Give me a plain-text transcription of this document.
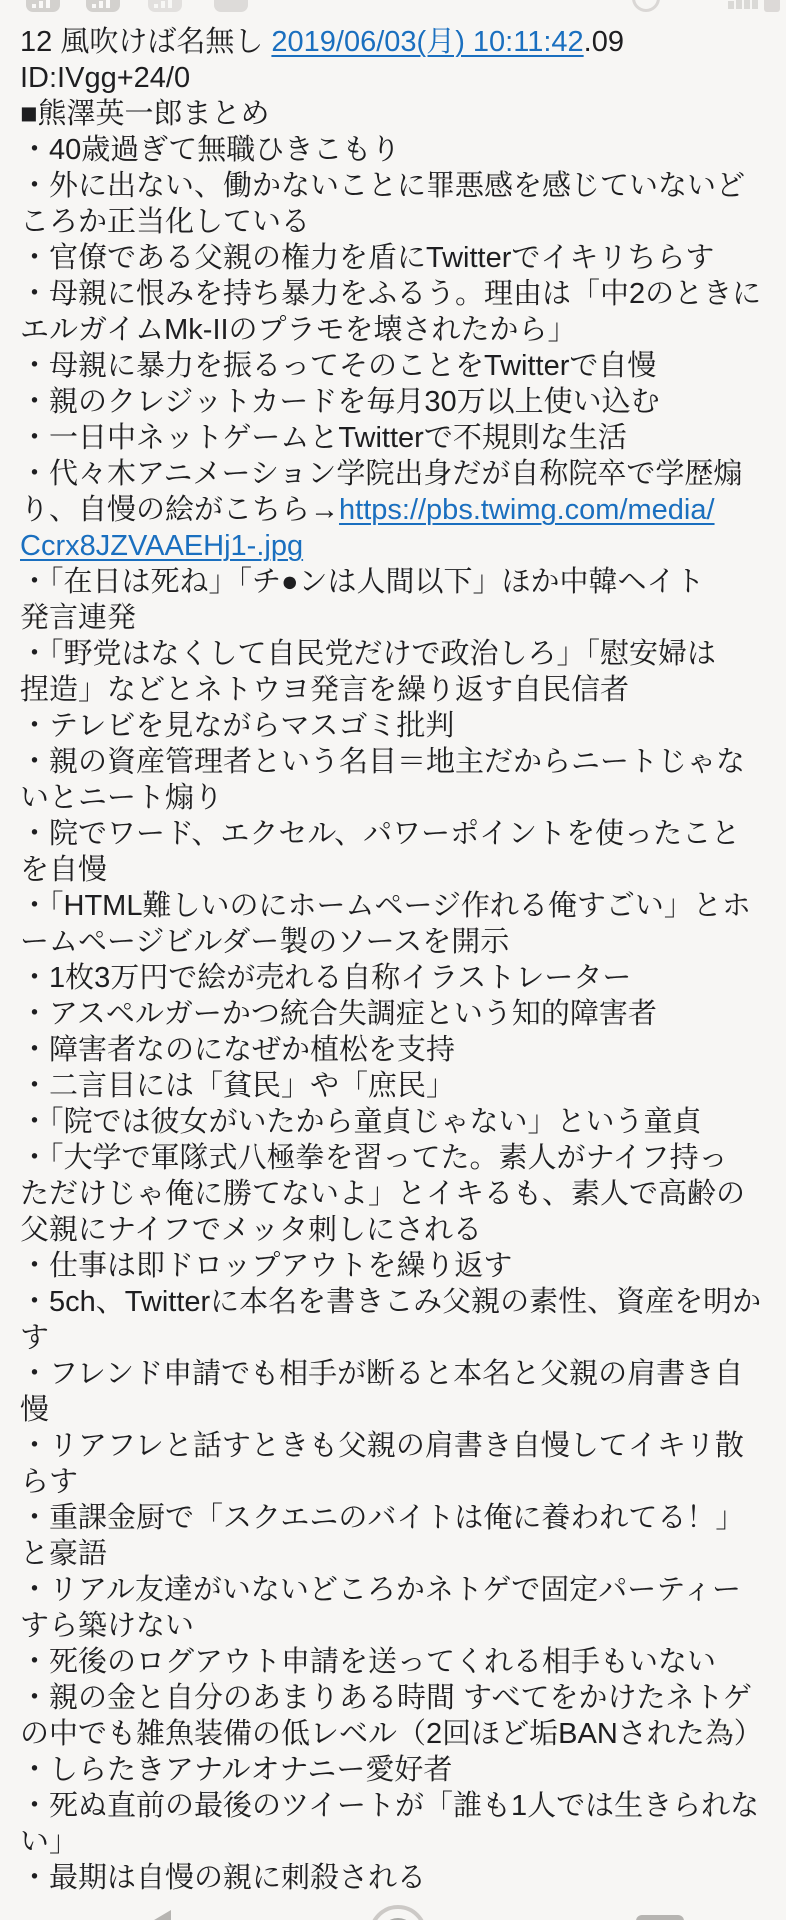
12 風吹けば名無し 2019/06/03(月) 10:11:42.09
ID:IVgg+24/0
■熊澤英一郎まとめ
・40歳過ぎて無職ひきこもり
・外に出ない、働かないことに罪悪感を感じていないど
ころか正当化している
・官僚である父親の権力を盾にTwitterでイキリちらす
・母親に恨みを持ち暴力をふるう。理由は「中2のときに
エルガイムMk-IIのプラモを壊されたから」
・母親に暴力を振るってそのことをTwitterで自慢
・親のクレジットカードを毎月30万以上使い込む
・一日中ネットゲームとTwitterで不規則な生活
・代々木アニメーション学院出身だが自称院卒で学歴煽
り、自慢の絵がこちら→https://pbs.twimg.com/media/
Ccrx8JZVAAEHj1-.jpg
・「在日は死ね」「チ●ンは人間以下」ほか中韓ヘイト
発言連発
・「野党はなくして自民党だけで政治しろ」「慰安婦は
捏造」などとネトウヨ発言を繰り返す自民信者
・テレビを見ながらマスゴミ批判
・親の資産管理者という名目＝地主だからニートじゃな
いとニート煽り
・院でワード、エクセル、パワーポイントを使ったこと
を自慢
・「HTML難しいのにホームページ作れる俺すごい」とホ
ームページビルダー製のソースを開示
・1枚3万円で絵が売れる自称イラストレーター
・アスペルガーかつ統合失調症という知的障害者
・障害者なのになぜか植松を支持
・二言目には「貧民」や「庶民」
・「院では彼女がいたから童貞じゃない」という童貞
・「大学で軍隊式八極拳を習ってた。素人がナイフ持っ
ただけじゃ俺に勝てないよ」とイキるも、素人で高齢の
父親にナイフでメッタ刺しにされる
・仕事は即ドロップアウトを繰り返す
・5ch、Twitterに本名を書きこみ父親の素性、資産を明か
す
・フレンド申請でも相手が断ると本名と父親の肩書き自
慢
・リアフレと話すときも父親の肩書き自慢してイキリ散
らす
・重課金厨で「スクエニのバイトは俺に養われてる！」
と豪語
・リアル友達がいないどころかネトゲで固定パーティー
すら築けない
・死後のログアウト申請を送ってくれる相手もいない
・親の金と自分のあまりある時間 すべてをかけたネトゲ
の中でも雑魚装備の低レベル（2回ほど垢BANされた為）
・しらたきアナルオナニー愛好者
・死ぬ直前の最後のツイートが「誰も1人では生きられな
い」
・最期は自慢の親に刺殺される
